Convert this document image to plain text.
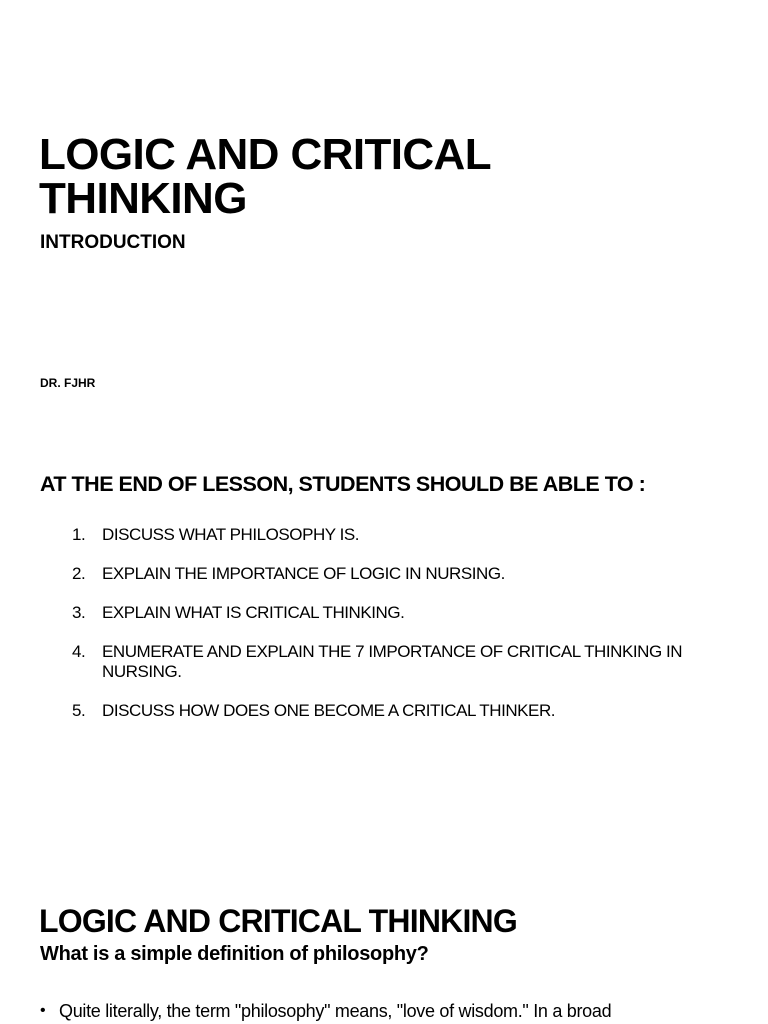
LOGIC AND CRITICAL THINKING
INTRODUCTION

DR. FJHR

AT THE END OF LESSON, STUDENTS SHOULD BE ABLE TO :
1. DISCUSS WHAT PHILOSOPHY IS.
2. EXPLAIN THE IMPORTANCE OF LOGIC IN NURSING.
3. EXPLAIN WHAT IS CRITICAL THINKING.
4. ENUMERATE AND EXPLAIN THE 7 IMPORTANCE OF CRITICAL THINKING IN NURSING.
5. DISCUSS HOW DOES ONE BECOME A CRITICAL THINKER.
LOGIC AND CRITICAL THINKING
What is a simple definition of philosophy?
• Quite literally, the term "philosophy" means, "love of wisdom." In a broad
